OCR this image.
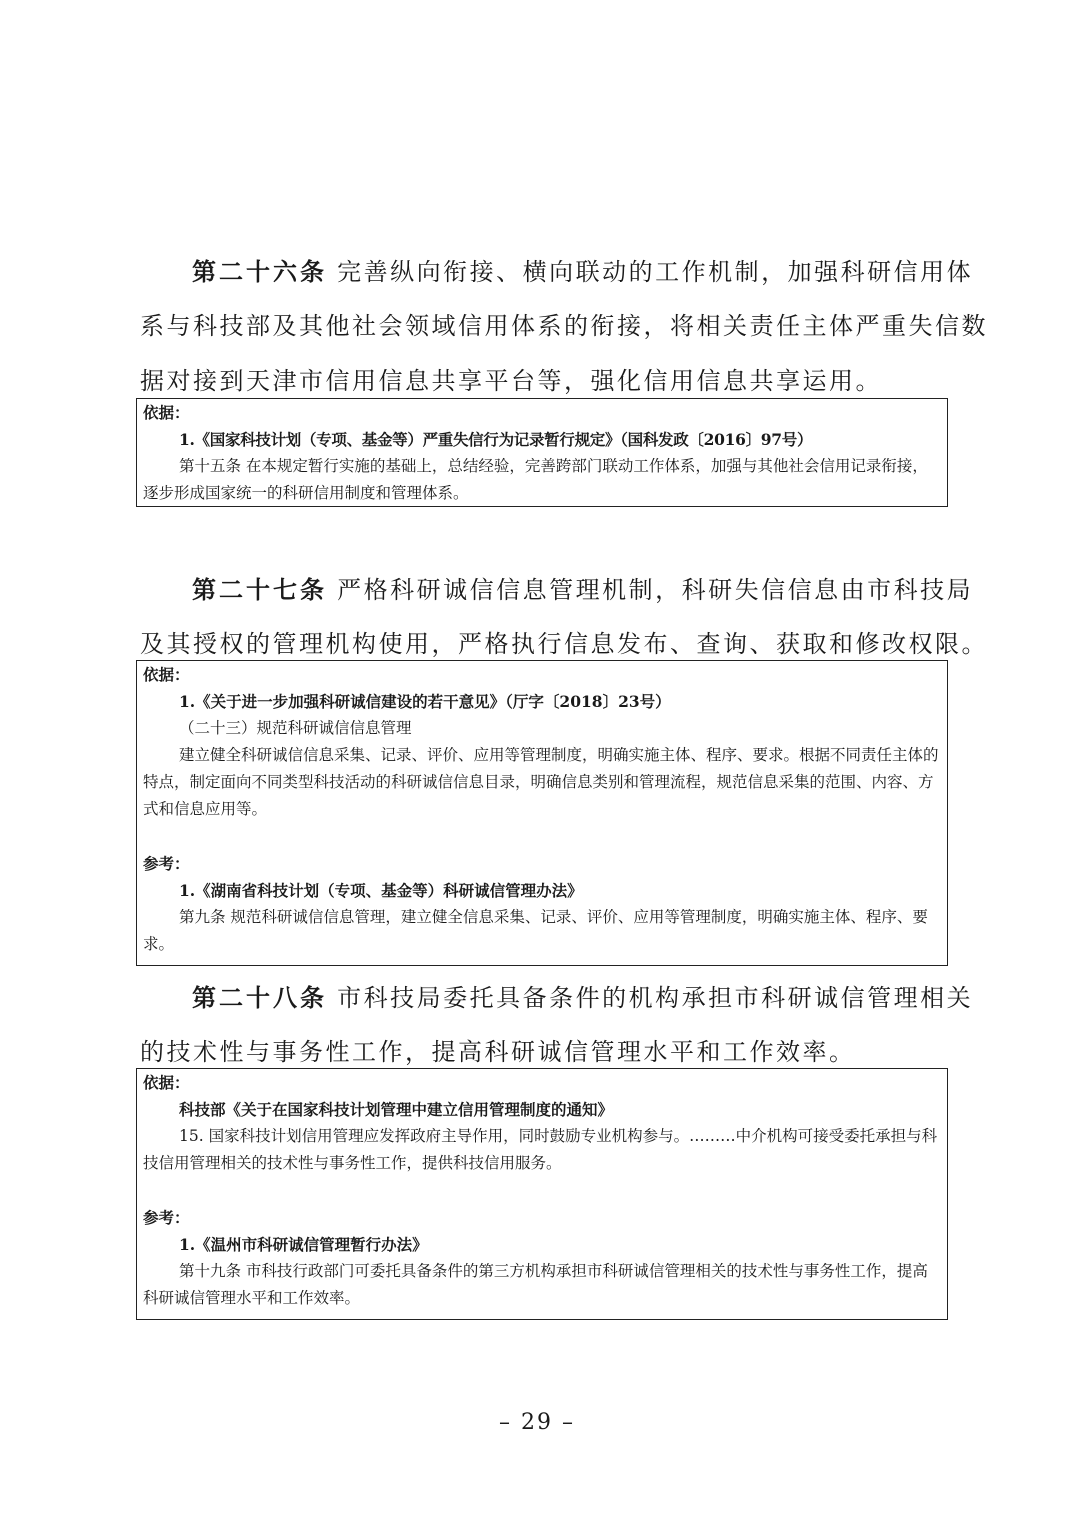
第二十六条 完善纵向衔接、横向联动的工作机制，加强科研信用体
系与科技部及其他社会领域信用体系的衔接，将相关责任主体严重失信数
据对接到天津市信用信息共享平台等，强化信用信息共享运用。
依据：
1.《国家科技计划（专项、基金等）严重失信行为记录暂行规定》（国科发政〔2016〕97号）
第十五条 在本规定暂行实施的基础上，总结经验，完善跨部门联动工作体系，加强与其他社会信用记录衔接，逐步形成国家统一的科研信用制度和管理体系。
第二十七条 严格科研诚信信息管理机制，科研失信信息由市科技局
及其授权的管理机构使用，严格执行信息发布、查询、获取和修改权限。
依据：
1.《关于进一步加强科研诚信建设的若干意见》（厅字〔2018〕23号）
（二十三）规范科研诚信信息管理
建立健全科研诚信信息采集、记录、评价、应用等管理制度，明确实施主体、程序、要求。根据不同责任主体的特点，制定面向不同类型科技活动的科研诚信信息目录，明确信息类别和管理流程，规范信息采集的范围、内容、方式和信息应用等。
参考：
1.《湖南省科技计划（专项、基金等）科研诚信管理办法》
第九条 规范科研诚信信息管理，建立健全信息采集、记录、评价、应用等管理制度，明确实施主体、程序、要求。
第二十八条 市科技局委托具备条件的机构承担市科研诚信管理相关
的技术性与事务性工作，提高科研诚信管理水平和工作效率。
依据：
科技部《关于在国家科技计划管理中建立信用管理制度的通知》
15. 国家科技计划信用管理应发挥政府主导作用，同时鼓励专业机构参与。………中介机构可接受委托承担与科技信用管理相关的技术性与事务性工作，提供科技信用服务。
参考：
1.《温州市科研诚信管理暂行办法》
第十九条 市科技行政部门可委托具备条件的第三方机构承担市科研诚信管理相关的技术性与事务性工作，提高科研诚信管理水平和工作效率。
– 29 –
